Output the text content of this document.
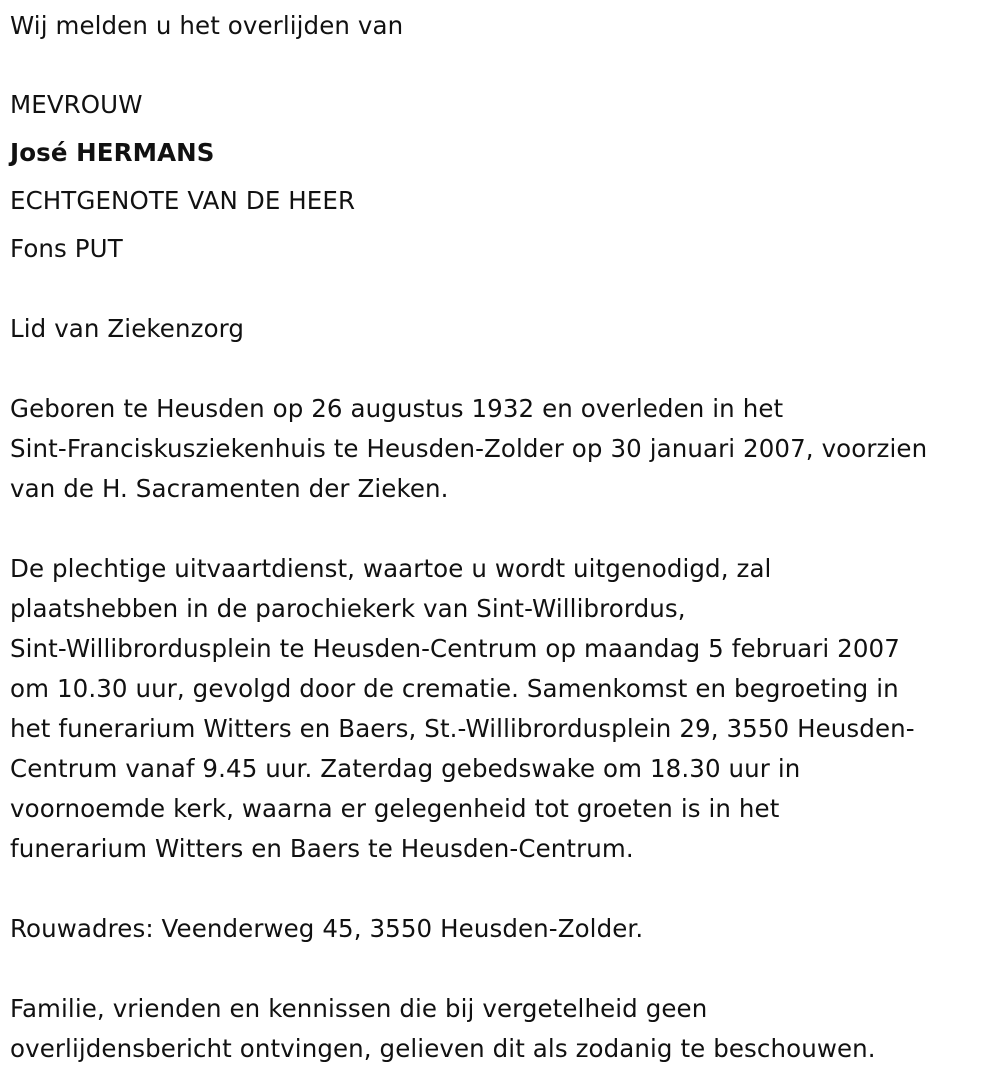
Wij melden u het overlijden van
MEVROUW
José HERMANS
ECHTGENOTE VAN DE HEER
Fons PUT
Lid van Ziekenzorg
Geboren te Heusden op 26 augustus 1932 en overleden in het
Sint-Franciskusziekenhuis te Heusden-Zolder op 30 januari 2007, voorzien
van de H. Sacramenten der Zieken.
De plechtige uitvaartdienst, waartoe u wordt uitgenodigd, zal
plaatshebben in de parochiekerk van Sint-Willibrordus,
Sint-Willibrordusplein te Heusden-Centrum op maandag 5 februari 2007
om 10.30 uur, gevolgd door de crematie. Samenkomst en begroeting in
het funerarium Witters en Baers, St.-Willibrordusplein 29, 3550 Heusden-
Centrum vanaf 9.45 uur. Zaterdag gebedswake om 18.30 uur in
voornoemde kerk, waarna er gelegenheid tot groeten is in het
funerarium Witters en Baers te Heusden-Centrum.
Rouwadres: Veenderweg 45, 3550 Heusden-Zolder.
Familie, vrienden en kennissen die bij vergetelheid geen
overlijdensbericht ontvingen, gelieven dit als zodanig te beschouwen.
